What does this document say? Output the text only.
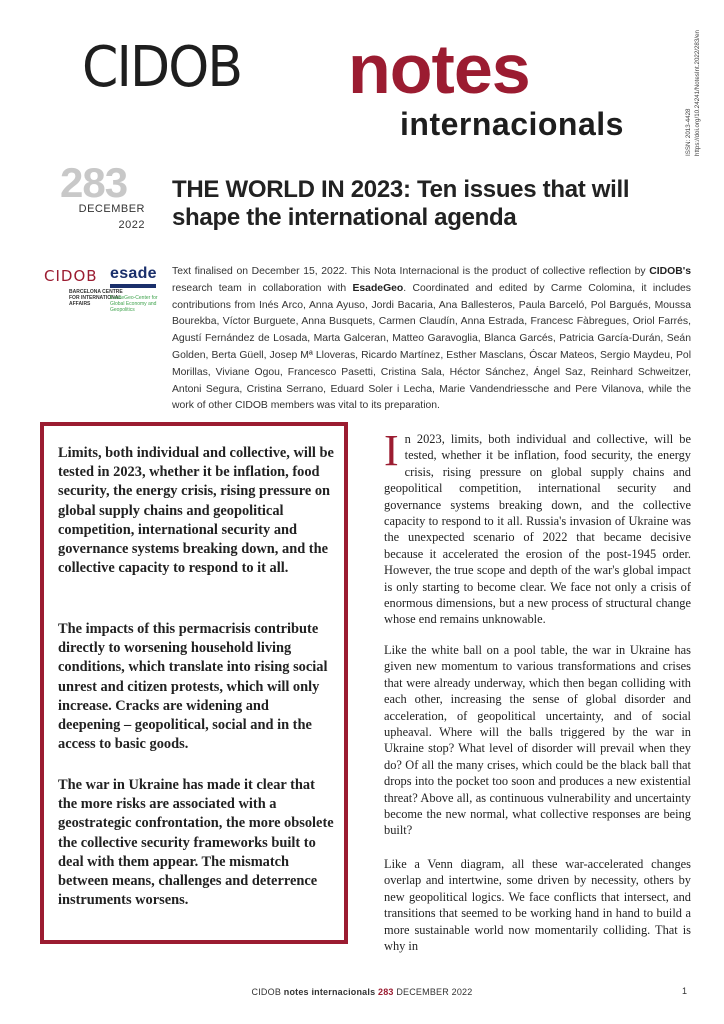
CIDOB notes
internacionals	ISSN: 2013-4428 https://doi.org/10.24241/NotesInt.2022/283/en
283
DECEMBER
2022
THE WORLD IN 2023: Ten issues that will shape the international agenda
CIDOB
BARCELONA CENTRE FOR INTERNATIONAL AFFAIRS
esade
EsadeGeo-Center for Global Economy and Geopolitics

Text finalised on December 15, 2022. This Nota Internacional is the product of collective reflection by CIDOB's research team in collaboration with EsadeGeo. Coordinated and edited by Carme Colomina, it includes contributions from Inés Arco, Anna Ayuso, Jordi Bacaria, Ana Ballesteros, Paula Barceló, Pol Bargués, Moussa Bourekba, Víctor Burguete, Anna Busquets, Carmen Claudín, Anna Estrada, Francesc Fàbregues, Oriol Farrés, Agustí Fernández de Losada, Marta Galceran, Matteo Garavoglia, Blanca Garcés, Patricia García-Durán, Seán Golden, Berta Güell, Josep Mª Lloveras, Ricardo Martínez, Esther Masclans, Óscar Mateos, Sergio Maydeu, Pol Morillas, Viviane Ogou, Francesco Pasetti, Cristina Sala, Héctor Sánchez, Ángel Saz, Reinhard Schweitzer, Antoni Segura, Cristina Serrano, Eduard Soler i Lecha, Marie Vandendriessche and Pere Vilanova, while the work of other CIDOB members was vital to its preparation.

Limits, both individual and collective, will be tested in 2023, whether it be inflation, food security, the energy crisis, rising pressure on global supply chains and geopolitical competition, international security and governance systems breaking down, and the collective capacity to respond to it all.

The impacts of this permacrisis contribute directly to worsening household living conditions, which translate into rising social unrest and citizen protests, which will only increase. Cracks are widening and deepening – geopolitical, social and in the access to basic goods.

The war in Ukraine has made it clear that the more risks are associated with a geostrategic confrontation, the more obsolete the collective security frameworks built to deal with them appear. The mismatch between means, challenges and deterrence instruments worsens.

In 2023, limits, both individual and collective, will be tested, whether it be inflation, food security, the energy crisis, rising pressure on global supply chains and geopolitical competition, international security and governance systems breaking down, and the collective capacity to respond to it all. Russia's invasion of Ukraine was the unexpected scenario of 2022 that became decisive because it accelerated the erosion of the post-1945 order. However, the true scope and depth of the war's global impact is only starting to become clear. We face not only a crisis of enormous dimensions, but a new process of structural change whose end remains unknowable.

Like the white ball on a pool table, the war in Ukraine has given new momentum to various transformations and crises that were already underway, which then began colliding with each other, increasing the sense of global disorder and acceleration, of geopolitical uncertainty, and of social upheaval. Where will the balls triggered by the war in Ukraine stop? What level of disorder will prevail when they do? Of all the many crises, which could be the black ball that drops into the pocket too soon and produces a new existential threat? Above all, as continuous vulnerability and uncertainty become the new normal, what collective responses are being built?

Like a Venn diagram, all these war-accelerated changes overlap and intertwine, some driven by necessity, others by new geopolitical logics. We face conflicts that intersect, and transitions that seemed to be working hand in hand to build a more sustainable world now momentarily colliding. That is why in

CIDOB notes internacionals 283 DECEMBER 2022	1
